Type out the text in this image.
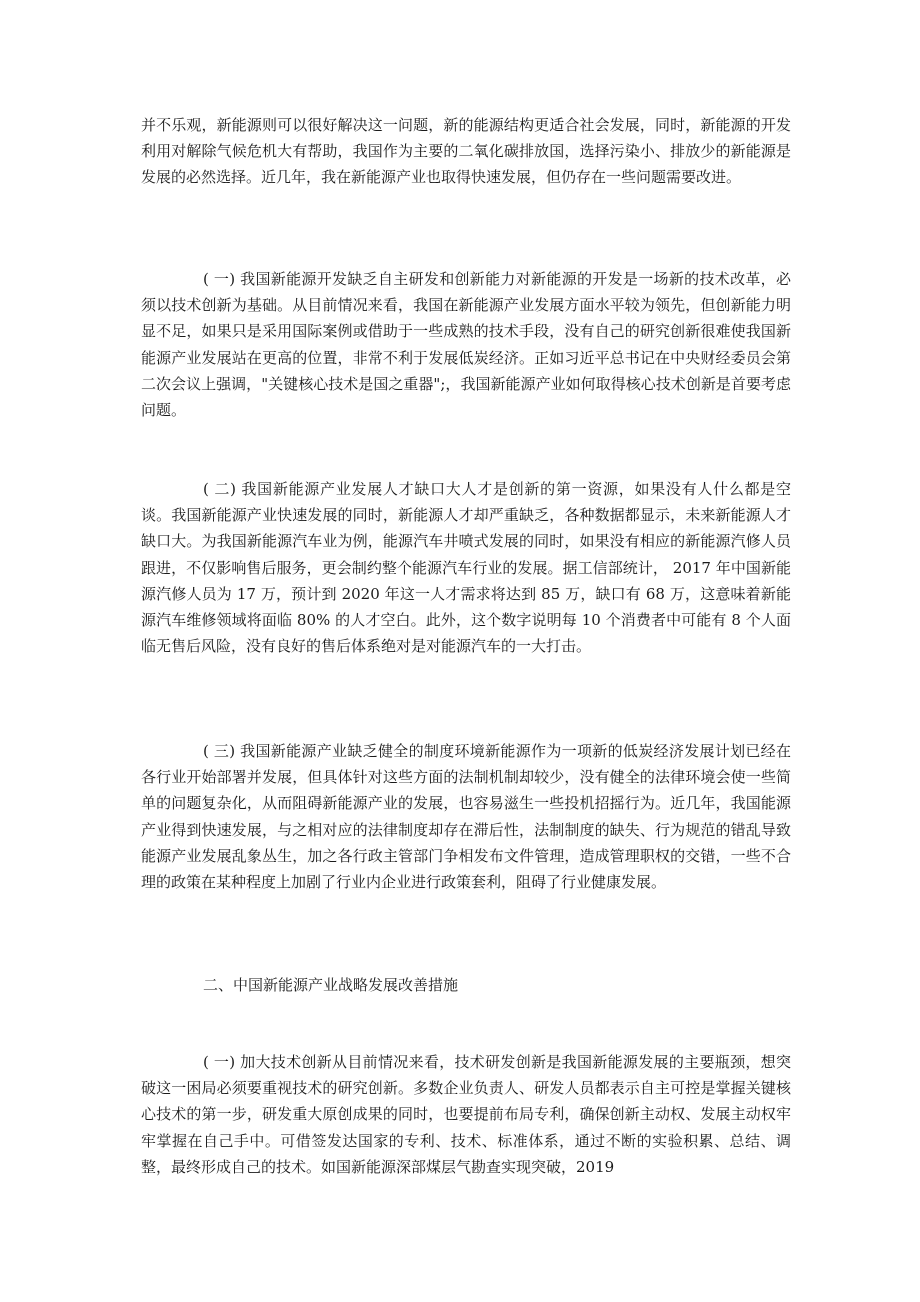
并不乐观，新能源则可以很好解决这一问题，新的能源结构更适合社会发展，同时，新能源的开发利用对解除气候危机大有帮助，我国作为主要的二氧化碳排放国，选择污染小、排放少的新能源是发展的必然选择。近几年，我在新能源产业也取得快速发展，但仍存在一些问题需要改进。

( 一) 我国新能源开发缺乏自主研发和创新能力对新能源的开发是一场新的技术改革，必须以技术创新为基础。从目前情况来看，我国在新能源产业发展方面水平较为领先，但创新能力明显不足，如果只是采用国际案例或借助于一些成熟的技术手段，没有自己的研究创新很难使我国新能源产业发展站在更高的位置，非常不利于发展低炭经济。正如习近平总书记在中央财经委员会第二次会议上强调，"关键核心技术是国之重器";，我国新能源产业如何取得核心技术创新是首要考虑问题。

( 二) 我国新能源产业发展人才缺口大人才是创新的第一资源，如果没有人什么都是空谈。我国新能源产业快速发展的同时，新能源人才却严重缺乏，各种数据都显示，未来新能源人才缺口大。为我国新能源汽车业为例，能源汽车井喷式发展的同时，如果没有相应的新能源汽修人员跟进，不仅影响售后服务，更会制约整个能源汽车行业的发展。据工信部统计， 2017 年中国新能源汽修人员为 17 万，预计到 2020 年这一人才需求将达到 85 万，缺口有 68 万，这意味着新能源汽车维修领域将面临 80% 的人才空白。此外，这个数字说明每 10 个消费者中可能有 8 个人面临无售后风险，没有良好的售后体系绝对是对能源汽车的一大打击。

( 三) 我国新能源产业缺乏健全的制度环境新能源作为一项新的低炭经济发展计划已经在各行业开始部署并发展，但具体针对这些方面的法制机制却较少，没有健全的法律环境会使一些简单的问题复杂化，从而阻碍新能源产业的发展，也容易滋生一些投机招摇行为。近几年，我国能源产业得到快速发展，与之相对应的法律制度却存在滞后性，法制制度的缺失、行为规范的错乱导致能源产业发展乱象丛生，加之各行政主管部门争相发布文件管理，造成管理职权的交错，一些不合理的政策在某种程度上加剧了行业内企业进行政策套利，阻碍了行业健康发展。

二、中国新能源产业战略发展改善措施

( 一) 加大技术创新从目前情况来看，技术研发创新是我国新能源发展的主要瓶颈，想突破这一困局必须要重视技术的研究创新。多数企业负责人、研发人员都表示自主可控是掌握关键核心技术的第一步，研发重大原创成果的同时，也要提前布局专利，确保创新主动权、发展主动权牢牢掌握在自己手中。可借签发达国家的专利、技术、标准体系，通过不断的实验积累、总结、调整，最终形成自己的技术。如国新能源深部煤层气勘查实现突破，2019
